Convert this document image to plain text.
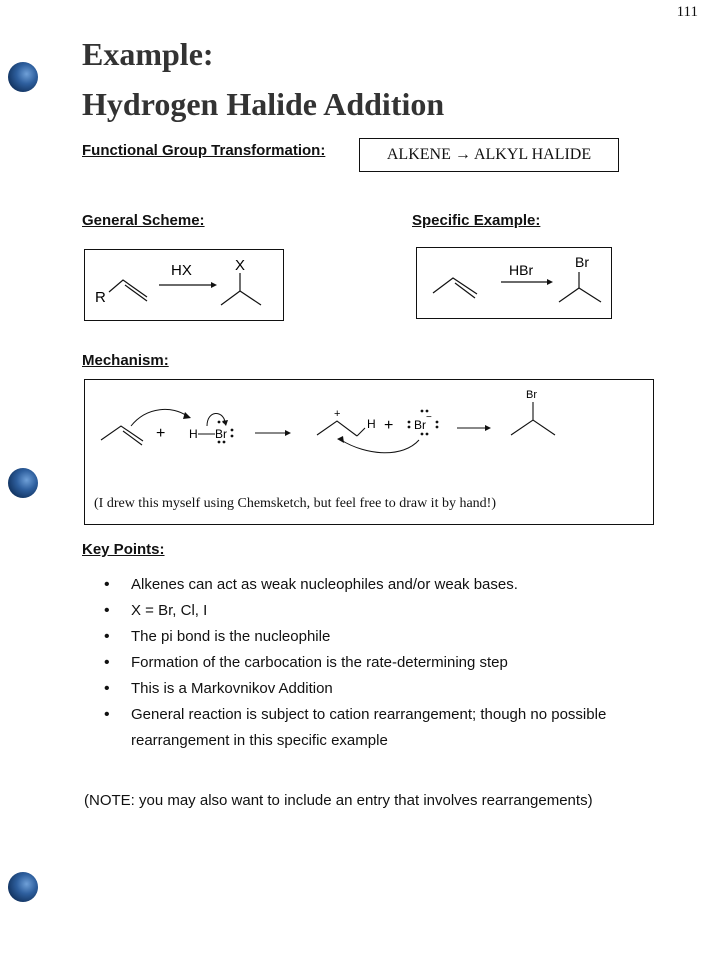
111
Example:
Hydrogen Halide Addition
Functional Group Transformation:	ALKENE → ALKYL HALIDE
General Scheme:	Specific Example:
R
HX	X	HBr	Br
Mechanism:
+ H Br
+
H + Br
−
Br
(I drew this myself using Chemsketch, but feel free to draw it by hand!)
Key Points:
• Alkenes can act as weak nucleophiles and/or weak bases.
• X = Br, Cl, I
• The pi bond is the nucleophile
• Formation of the carbocation is the rate-determining step
• This is a Markovnikov Addition
• General reaction is subject to cation rearrangement; though no possible rearrangement in this specific example
(NOTE: you may also want to include an entry that involves rearrangements)
